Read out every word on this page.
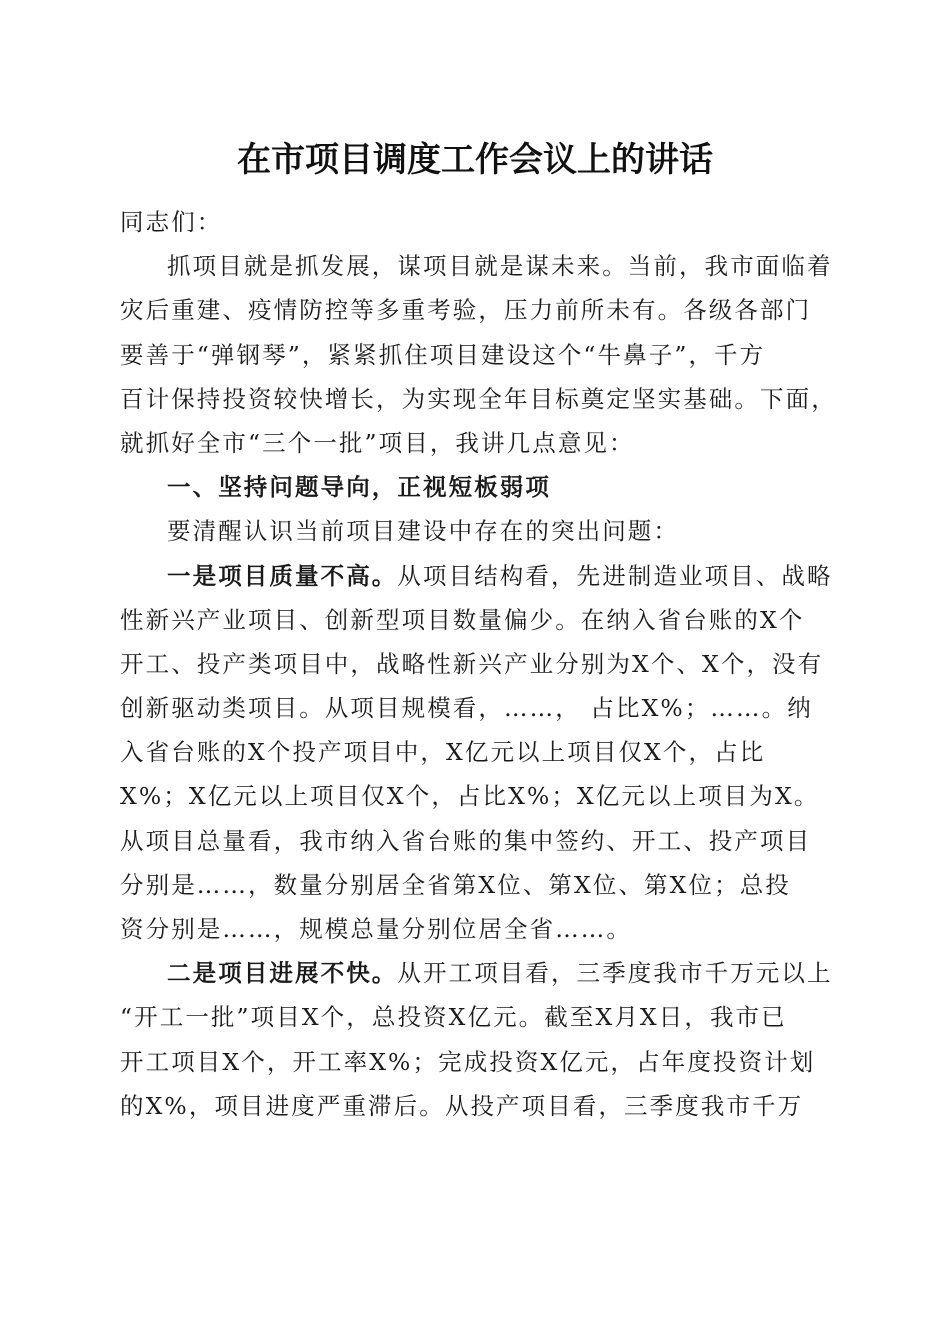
在市项目调度工作会议上的讲话
同志们：
抓项目就是抓发展，谋项目就是谋未来。当前，我市面临着
灾后重建、疫情防控等多重考验，压力前所未有。各级各部门
要善于“弹钢琴”，紧紧抓住项目建设这个“牛鼻子”，千方
百计保持投资较快增长，为实现全年目标奠定坚实基础。下面，
就抓好全市“三个一批”项目，我讲几点意见：
一、坚持问题导向，正视短板弱项
要清醒认识当前项目建设中存在的突出问题：
一是项目质量不高。从项目结构看，先进制造业项目、战略
性新兴产业项目、创新型项目数量偏少。在纳入省台账的X个
开工、投产类项目中，战略性新兴产业分别为X个、X个，没有
创新驱动类项目。从项目规模看，……， 占比X%；……。纳
入省台账的X个投产项目中，X亿元以上项目仅X个，占比
X%；X亿元以上项目仅X个，占比X%；X亿元以上项目为X。
从项目总量看，我市纳入省台账的集中签约、开工、投产项目
分别是……，数量分别居全省第X位、第X位、第X位；总投
资分别是……，规模总量分别位居全省……。
二是项目进展不快。从开工项目看，三季度我市千万元以上
“开工一批”项目X个，总投资X亿元。截至X月X日，我市已
开工项目X个，开工率X%；完成投资X亿元，占年度投资计划
的X%，项目进度严重滞后。从投产项目看，三季度我市千万
